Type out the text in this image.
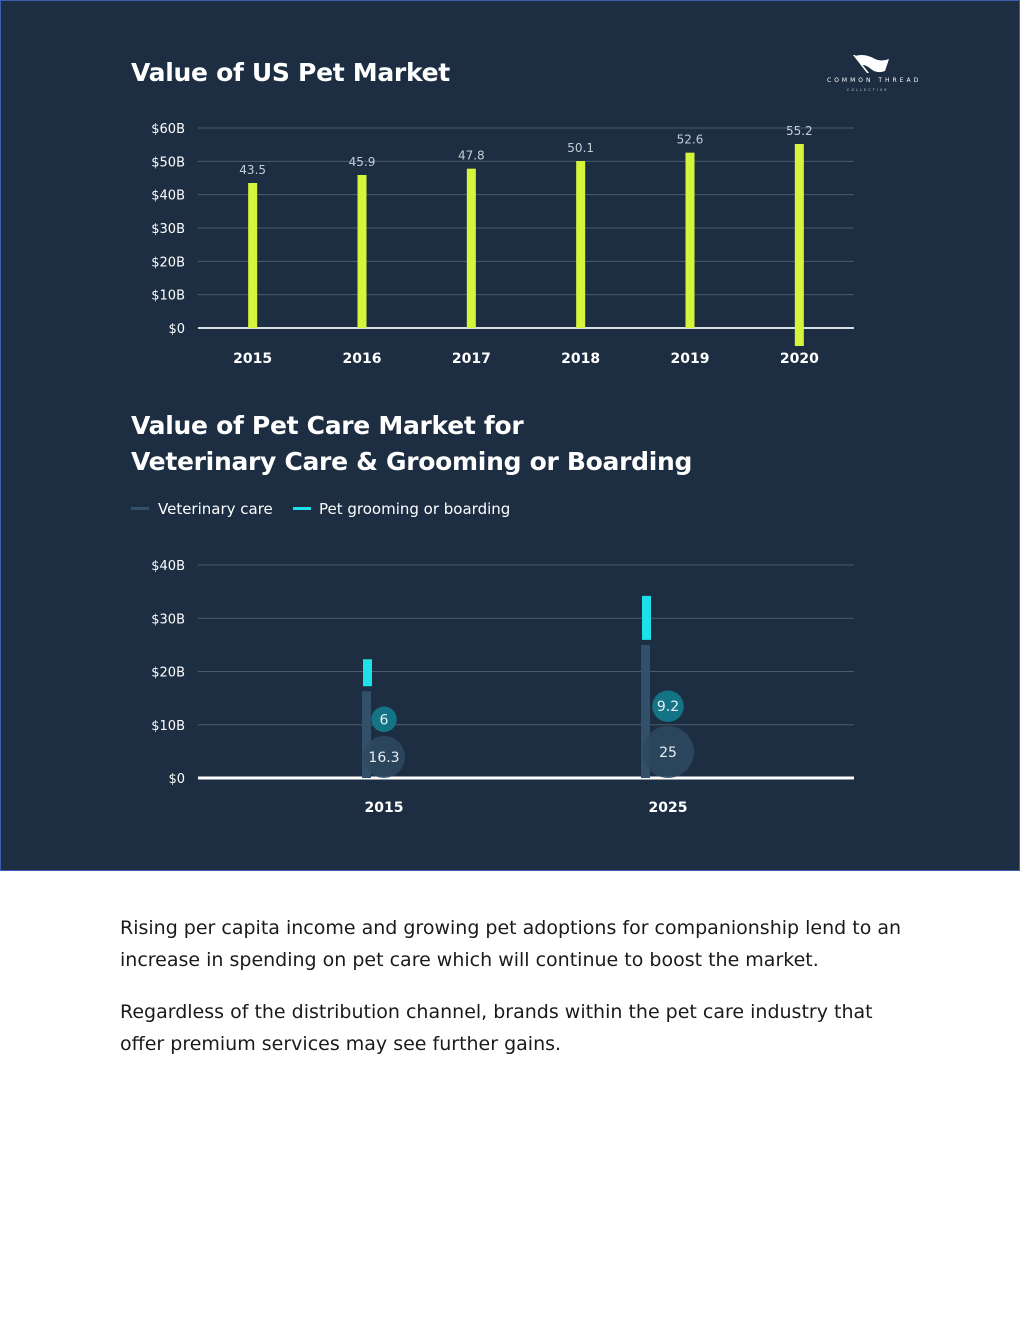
Value of US Pet Market	COMMON THREAD
COLLECTIVE
$0
$10B
$20B
$30B
$40B
$50B
$60B
43.5
2015
45.9
2016
47.8
2017
50.1
2018
52.6
2019
55.2
2020
Value of Pet Care Market for
Veterinary Care & Grooming or Boarding
Veterinary care	Pet grooming or boarding
$0
$10B
$20B
$30B
$40B
16.3
6
2015
25
9.2
2025

Rising per capita income and growing pet adoptions for companionship lend to an increase in spending on pet care which will continue to boost the market.

Regardless of the distribution channel, brands within the pet care industry that offer premium services may see further gains.
